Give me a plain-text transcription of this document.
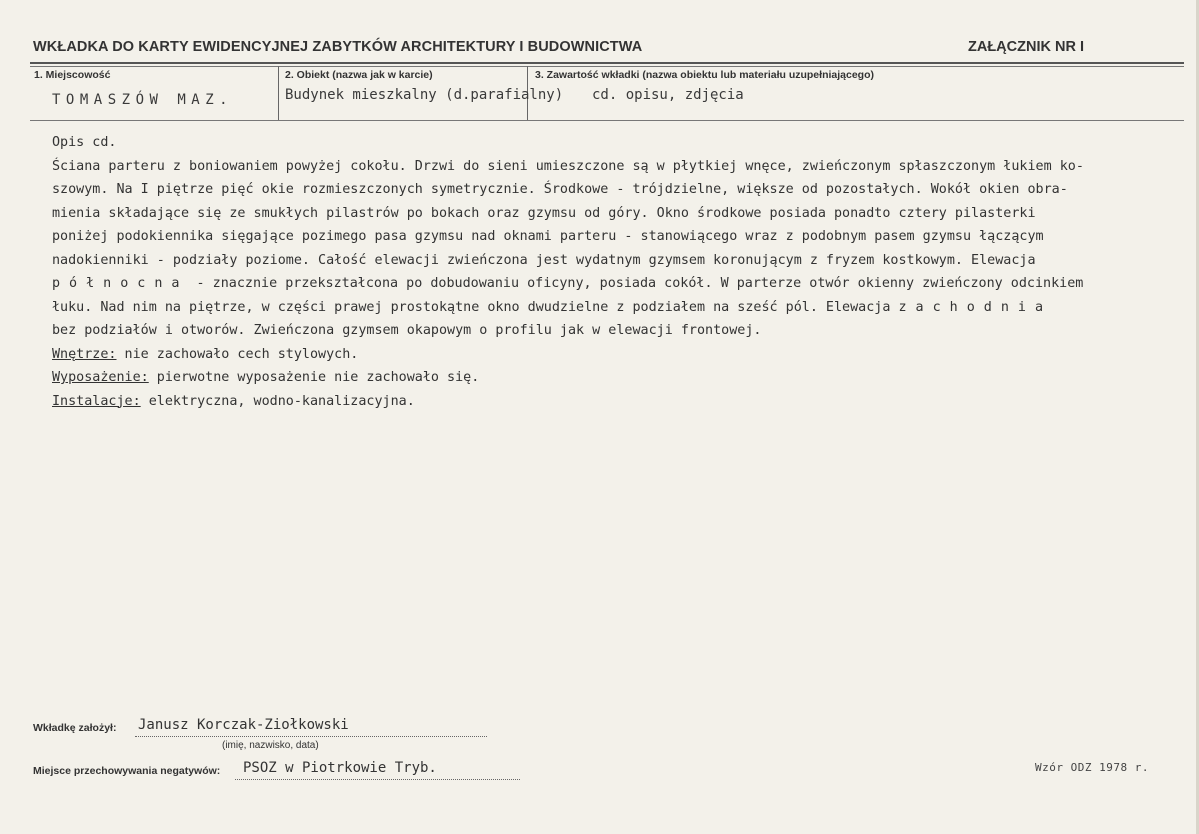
WKŁADKA DO KARTY EWIDENCYJNEJ ZABYTKÓW ARCHITEKTURY I BUDOWNICTWA	ZAŁĄCZNIK NR I
1. Miejscowość
TOMASZÓW MAZ.
2. Obiekt (nazwa jak w karcie)
Budynek mieszkalny (d.parafialny)
3. Zawartość wkładki (nazwa obiektu lub materiału uzupełniającego)
cd. opisu, zdjęcia

Opis cd.

Ściana parteru z boniowaniem powyżej cokołu. Drzwi do sieni umieszczone są w płytkiej wnęce, zwieńczonym spłaszczonym łukiem ko-

szowym. Na I piętrze pięć okie rozmieszczonych symetrycznie. Środkowe - trójdzielne, większe od pozostałych. Wokół okien obra-

mienia składające się ze smukłych pilastrów po bokach oraz gzymsu od góry. Okno środkowe posiada ponadto cztery pilasterki

poniżej podokiennika sięgające pozimego pasa gzymsu nad oknami parteru - stanowiącego wraz z podobnym pasem gzymsu łączącym

nadokienniki - podziały poziome. Całość elewacji zwieńczona jest wydatnym gzymsem koronującym z fryzem kostkowym. Elewacja

północna - znacznie przekształcona po dobudowaniu oficyny, posiada cokół. W parterze otwór okienny zwieńczony odcinkiem

łuku. Nad nim na piętrze, w części prawej prostokątne okno dwudzielne z podziałem na sześć pól. Elewacja zachodnia

bez podziałów i otworów. Zwieńczona gzymsem okapowym o profilu jak w elewacji frontowej.

Wnętrze: nie zachowało cech stylowych.

Wyposażenie: pierwotne wyposażenie nie zachowało się.

Instalacje: elektryczna, wodno-kanalizacyjna.

Wkładkę założył: Janusz Korczak-Ziołkowski
(imię, nazwisko, data)
Miejsce przechowywania negatywów: PSOZ w Piotrkowie Tryb.	Wzór ODZ 1978 r.
